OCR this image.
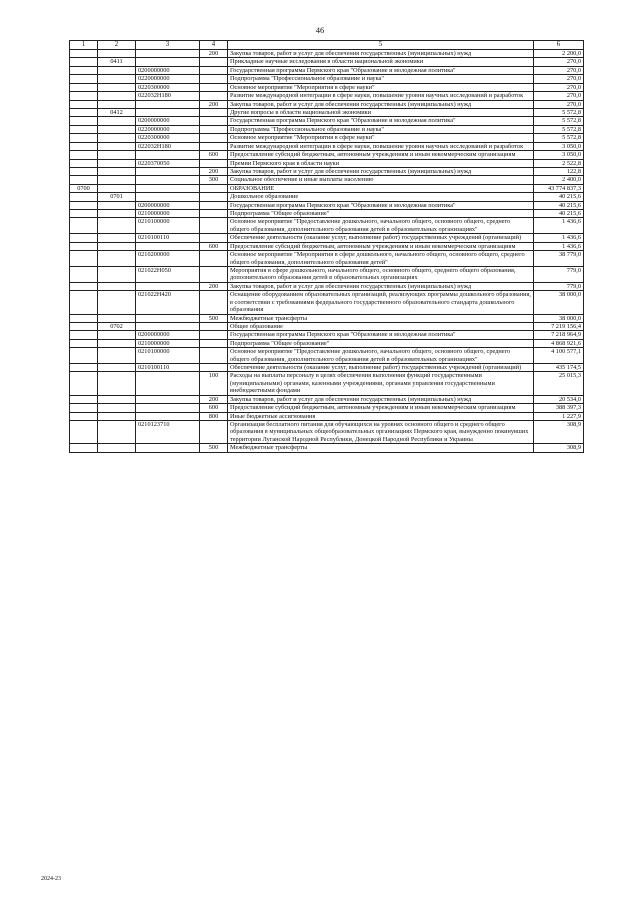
46
1	2	3	4	5	6
			200	Закупка товаров, работ и услуг для обеспечения государственных (муниципальных) нужд	2 200,0
	0411			Прикладные научные исследования в области национальной экономики	270,0
		0200000000		Государственная программа Пермского края "Образование и молодежная политика"	270,0
		0220000000		Подпрограмма "Профессиональное образование и наука"	270,0
		0220300000		Основное мероприятие "Мероприятия в сфере науки"	270,0
		022032Н180		Развитие международной интеграции в сфере науки, повышение уровня научных исследований и разработок	270,0
			200	Закупка товаров, работ и услуг для обеспечения государственных (муниципальных) нужд	270,0
	0412			Другие вопросы в области национальной экономики	5 572,8
		0200000000		Государственная программа Пермского края "Образование и молодежная политика"	5 572,8
		0220000000		Подпрограмма "Профессиональное образование и наука"	5 572,8
		0220300000		Основное мероприятие "Мероприятия в сфере науки"	5 572,8
		022032Н180		Развитие международной интеграции в сфере науки, повышение уровня научных исследований и разработок	3 050,0
			600	Предоставление субсидий бюджетным, автономным учреждениям и иным некоммерческим организациям	3 050,0
		0220370050		Премии Пермского края в области науки	2 522,8
			200	Закупка товаров, работ и услуг для обеспечения государственных (муниципальных) нужд	122,8
			300	Социальное обеспечение и иные выплаты населению	2 400,0
0700				ОБРАЗОВАНИЕ	43 774 837,3
	0701			Дошкольное образование	40 215,6
		0200000000		Государственная программа Пермского края "Образование и молодежная политика"	40 215,6
		0210000000		Подпрограмма "Общее образование"	40 215,6
		0210100000		Основное мероприятие "Предоставление дошкольного, начального общего, основного общего, среднего общего образования, дополнительного образования детей в образовательных организациях"	1 436,6
		0210100110		Обеспечение деятельности (оказание услуг, выполнение работ) государственных учреждений (организаций)	1 436,6
			600	Предоставление субсидий бюджетным, автономным учреждениям и иным некоммерческим организациям	1 436,6
		0210200000		Основное мероприятие "Мероприятия в сфере дошкольного, начального общего, основного общего, среднего общего образования, дополнительного образования детей"	38 779,0
		021022Н050		Мероприятия в сфере дошкольного, начального общего, основного общего, среднего общего образования, дополнительного образования детей в образовательных организациях	779,0
			200	Закупка товаров, работ и услуг для обеспечения государственных (муниципальных) нужд	779,0
		021022Н420		Оснащение оборудованием образовательных организаций, реализующих программы дошкольного образования, в соответствии с требованиями федерального государственного образовательного стандарта дошкольного образования	38 000,0
			500	Межбюджетные трансферты	38 000,0
	0702			Общее образование	7 219 156,4
		0200000000		Государственная программа Пермского края "Образование и молодежная политика"	7 218 964,9
		0210000000		Подпрограмма "Общее образование"	4 868 921,6
		0210100000		Основное мероприятие "Предоставление дошкольного, начального общего, основного общего, среднего общего образования, дополнительного образования детей в образовательных организациях"	4 100 577,1
		0210100110		Обеспечение деятельности (оказание услуг, выполнение работ) государственных учреждений (организаций)	435 174,5
			100	Расходы на выплаты персоналу в целях обеспечения выполнения функций государственными (муниципальными) органами, казенными учреждениями, органами управления государственными внебюджетными фондами	25 015,3
			200	Закупка товаров, работ и услуг для обеспечения государственных (муниципальных) нужд	20 534,0
			600	Предоставление субсидий бюджетным, автономным учреждениям и иным некоммерческим организациям	388 397,3
			800	Иные бюджетные ассигнования	1 227,9
		0210123710		Организация бесплатного питания для обучающихся на уровнях основного общего и среднего общего образования в муниципальных общеобразовательных организациях Пермского края, вынужденно покинувших территории Луганской Народной Республики, Донецкой Народной Республики и Украины	308,9
			500	Межбюджетные трансферты	308,9
2024-23
